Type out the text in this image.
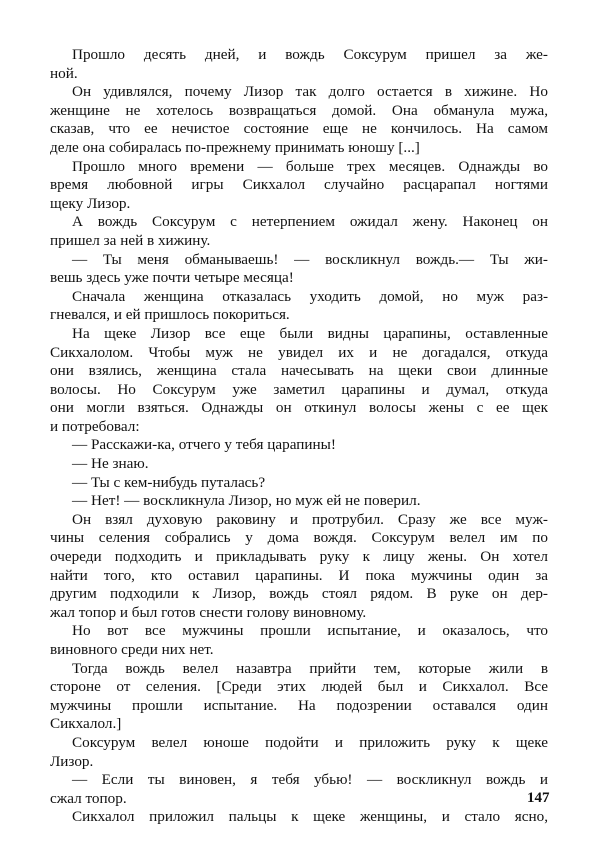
Прошло десять дней, и вождь Соксурум пришел за же-
ной.
Он удивлялся, почему Лизор так долго остается в хижине. Но
женщине не хотелось возвращаться домой. Она обманула мужа,
сказав, что ее нечистое состояние еще не кончилось. На самом
деле она собиралась по-прежнему принимать юношу [...]
Прошло много времени — больше трех месяцев. Однажды во
время любовной игры Сикхалол случайно расцарапал ногтями
щеку Лизор.
А вождь Соксурум с нетерпением ожидал жену. Наконец он
пришел за ней в хижину.
— Ты меня обманываешь! — воскликнул вождь.— Ты жи-
вешь здесь уже почти четыре месяца!
Сначала женщина отказалась уходить домой, но муж раз-
гневался, и ей пришлось покориться.
На щеке Лизор все еще были видны царапины, оставленные
Сикхалолом. Чтобы муж не увидел их и не догадался, откуда
они взялись, женщина стала начесывать на щеки свои длинные
волосы. Но Соксурум уже заметил царапины и думал, откуда
они могли взяться. Однажды он откинул волосы жены с ее щек
и потребовал:
— Расскажи-ка, отчего у тебя царапины!
— Не знаю.
— Ты с кем-нибудь путалась?
— Нет! — воскликнула Лизор, но муж ей не поверил.
Он взял духовую раковину и протрубил. Сразу же все муж-
чины селения собрались у дома вождя. Соксурум велел им по
очереди подходить и прикладывать руку к лицу жены. Он хотел
найти того, кто оставил царапины. И пока мужчины один за
другим подходили к Лизор, вождь стоял рядом. В руке он дер-
жал топор и был готов снести голову виновному.
Но вот все мужчины прошли испытание, и оказалось, что
виновного среди них нет.
Тогда вождь велел назавтра прийти тем, которые жили в
стороне от селения. [Среди этих людей был и Сикхалол. Все
мужчины прошли испытание. На подозрении оставался один
Сикхалол.]
Соксурум велел юноше подойти и приложить руку к щеке
Лизор.
— Если ты виновен, я тебя убью! — воскликнул вождь и
сжал топор.
Сикхалол приложил пальцы к щеке женщины, и стало ясно,
147
